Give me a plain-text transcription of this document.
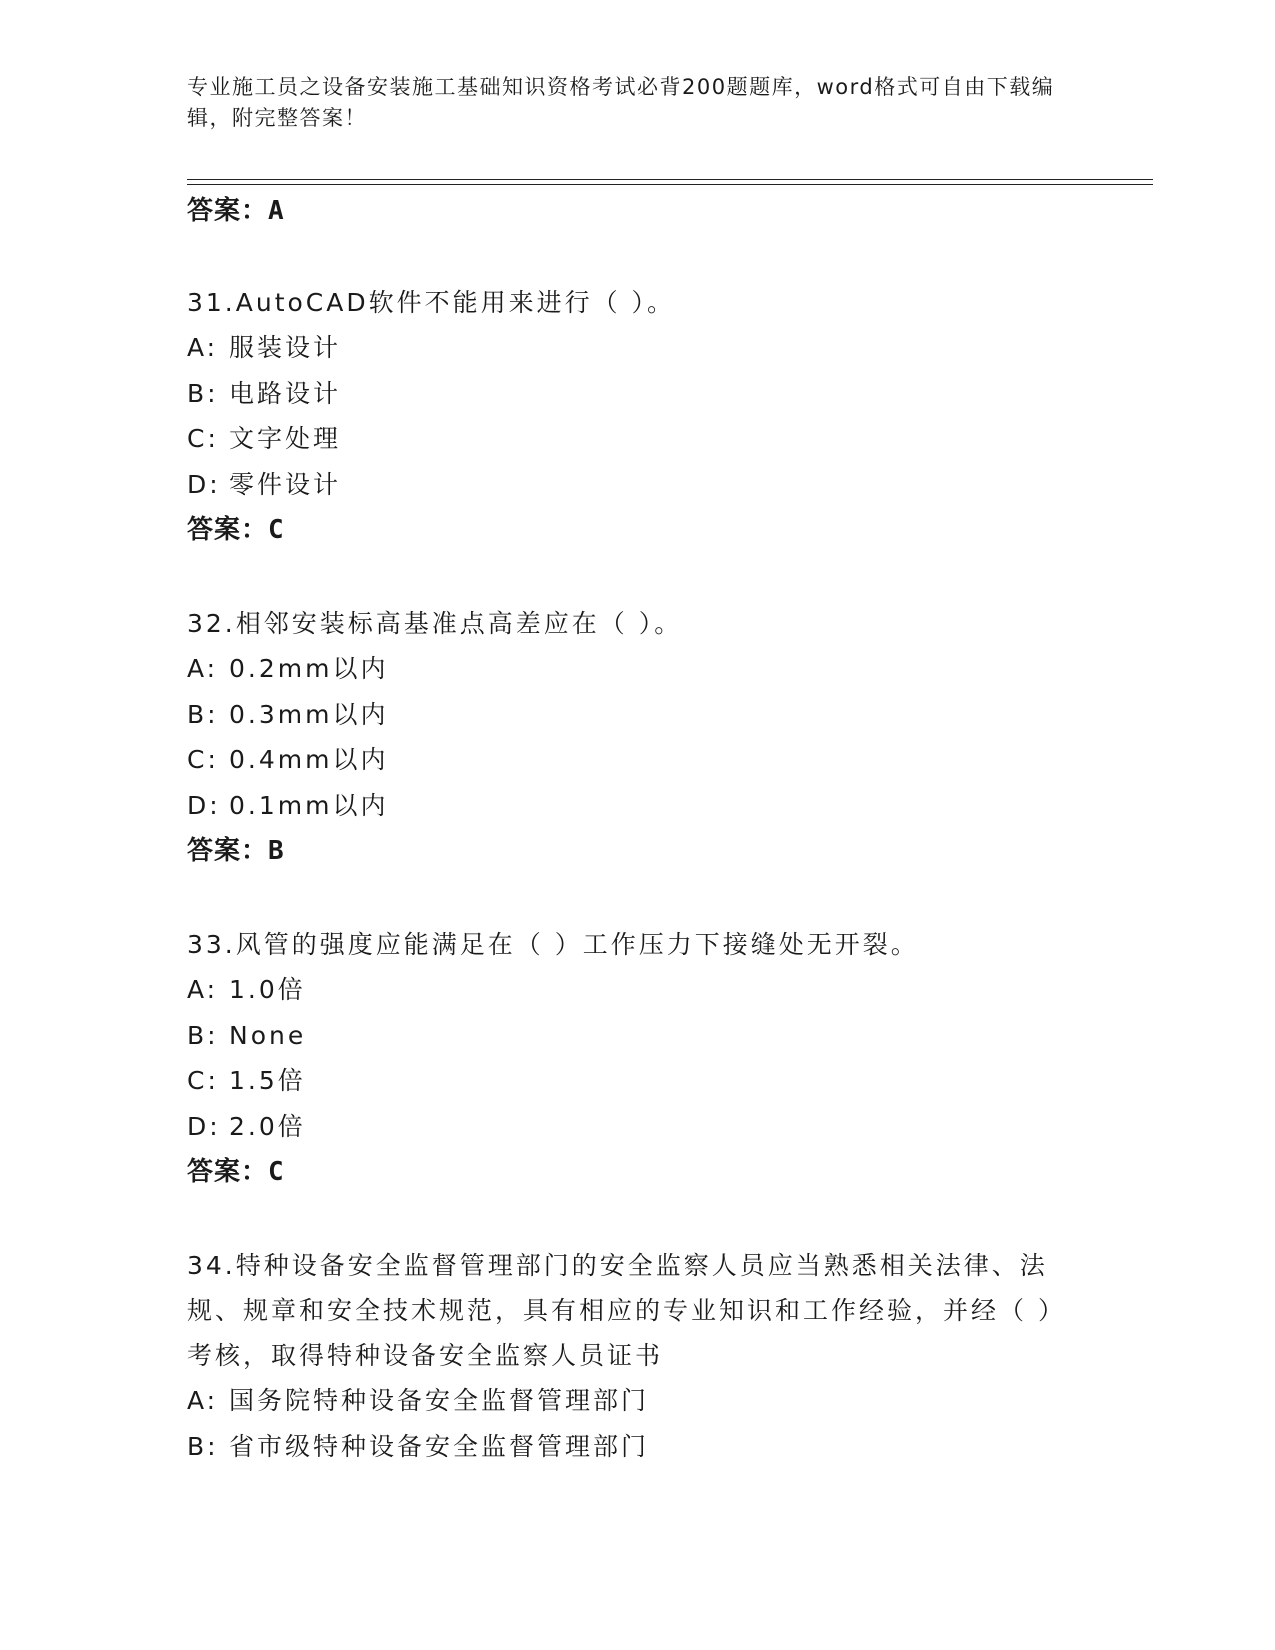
专业施工员之设备安装施工基础知识资格考试必背200题题库，word格式可自由下载编辑，附完整答案！
答案：A
31.AutoCAD软件不能用来进行（ ）。
A: 服装设计
B: 电路设计
C: 文字处理
D: 零件设计
答案：C
32.相邻安装标高基准点高差应在（ ）。
A: 0.2mm以内
B: 0.3mm以内
C: 0.4mm以内
D: 0.1mm以内
答案：B
33.风管的强度应能满足在（ ）工作压力下接缝处无开裂。
A: 1.0倍
B: None
C: 1.5倍
D: 2.0倍
答案：C
34.特种设备安全监督管理部门的安全监察人员应当熟悉相关法律、法规、规章和安全技术规范，具有相应的专业知识和工作经验，并经（ ）考核，取得特种设备安全监察人员证书
A: 国务院特种设备安全监督管理部门
B: 省市级特种设备安全监督管理部门
